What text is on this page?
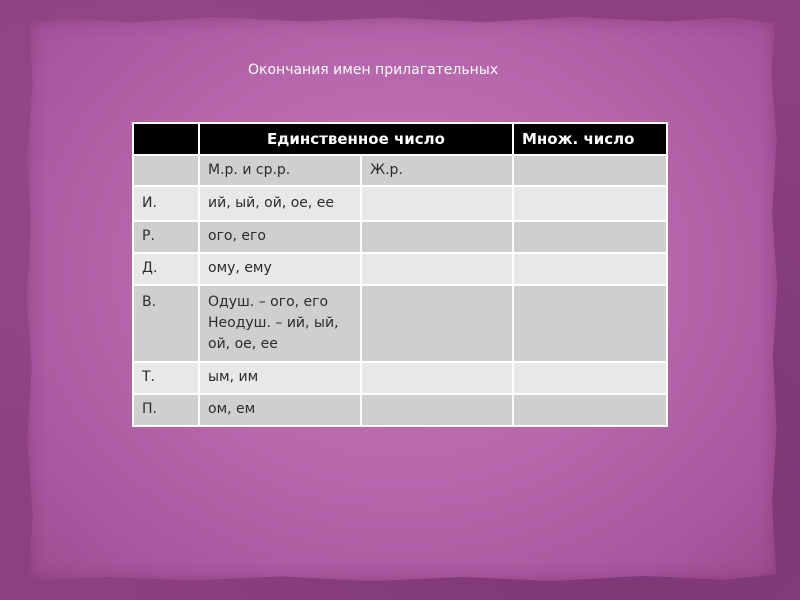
Окончания имен прилагательных
	Единственное число		Множ. число
	М.р. и ср.р.	Ж.р.	
И.	ий, ый, ой, ое, ее		
Р.	ого, его		
Д.	ому, ему		
В.	Одуш. – ого, его
Неодуш. – ий, ый, ой, ое, ее		

Т.	ым, им		
П.	ом, ем		
